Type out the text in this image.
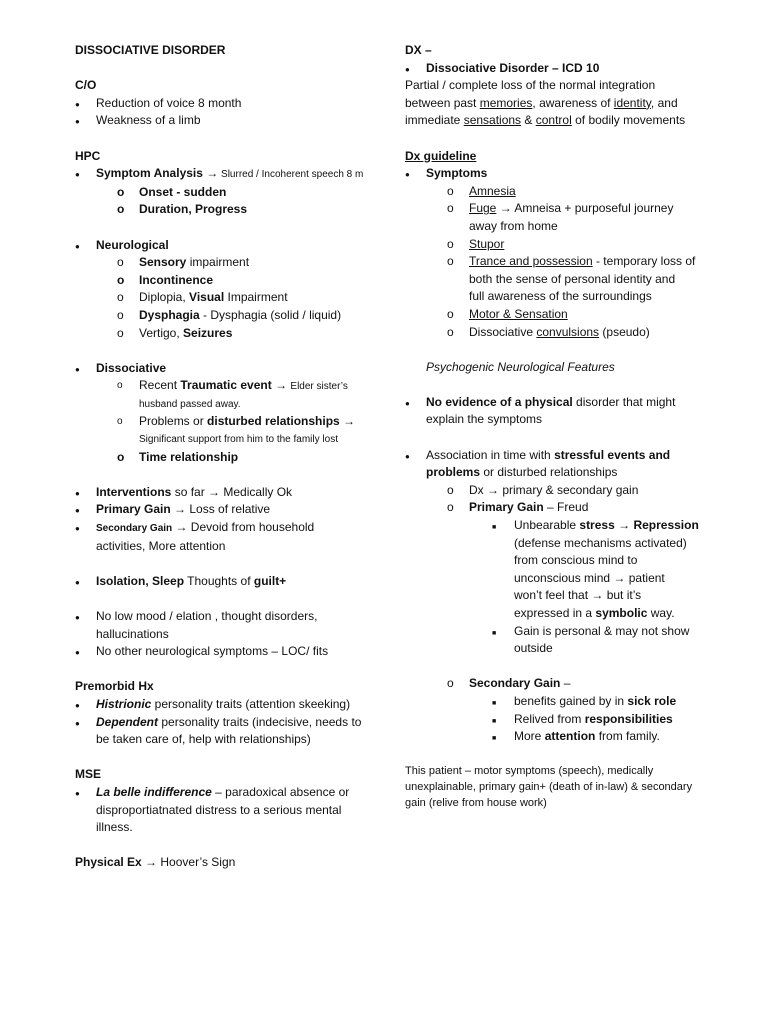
DISSOCIATIVE DISORDER
C/O
●
Reduction of voice 8 month
●
Weakness of a limb
HPC
●
Symptom Analysis → Slurred / Incoherent speech 8 m
o
Onset - sudden
o
Duration, Progress
●
Neurological
o
Sensory impairment
o
Incontinence
o
Diplopia, Visual Impairment
o
Dysphagia - Dysphagia (solid / liquid)
o
Vertigo, Seizures
●
Dissociative
o
Recent Traumatic event → Elder sister’s
husband passed away.
o
Problems or disturbed relationships →
Significant support from him to the family lost
o
Time relationship
●
Interventions so far → Medically Ok
●
Primary Gain → Loss of relative
●
Secondary Gain → Devoid from household
activities, More attention
●
Isolation, Sleep Thoughts of guilt+
●
No low mood / elation , thought disorders,
hallucinations
●
No other neurological symptoms – LOC/ fits
Premorbid Hx
●
Histrionic personality traits (attention skeeking)
●
Dependent personality traits (indecisive, needs to
be taken care of, help with relationships)
MSE
●
La belle indifference – paradoxical absence or
disproportiatnated distress to a serious mental
illness.
Physical Ex → Hoover’s Sign
DX –
●
Dissociative Disorder – ICD 10
Partial / complete loss of the normal integration
between past memories, awareness of identity, and
immediate sensations & control of bodily movements
Dx guideline
●
Symptoms
o
Amnesia
o
Fuge → Amneisa + purposeful journey
away from home
o
Stupor
o
Trance and possession - temporary loss of
both the sense of personal identity and
full awareness of the surroundings
o
Motor & Sensation
o
Dissociative convulsions (pseudo)
Psychogenic Neurological Features
●
No evidence of a physical disorder that might
explain the symptoms
●
Association in time with stressful events and
problems or disturbed relationships
o
Dx → primary & secondary gain
o
Primary Gain – Freud
■
Unbearable stress → Repression
(defense mechanisms activated)
from conscious mind to
unconscious mind → patient
won’t feel that → but it’s
expressed in a symbolic way.
■
Gain is personal & may not show
outside
o
Secondary Gain –
■
benefits gained by in sick role
■
Relived from responsibilities
■
More attention from family.
This patient – motor symptoms (speech), medically
unexplainable, primary gain+ (death of in-law) & secondary
gain (relive from house work)
